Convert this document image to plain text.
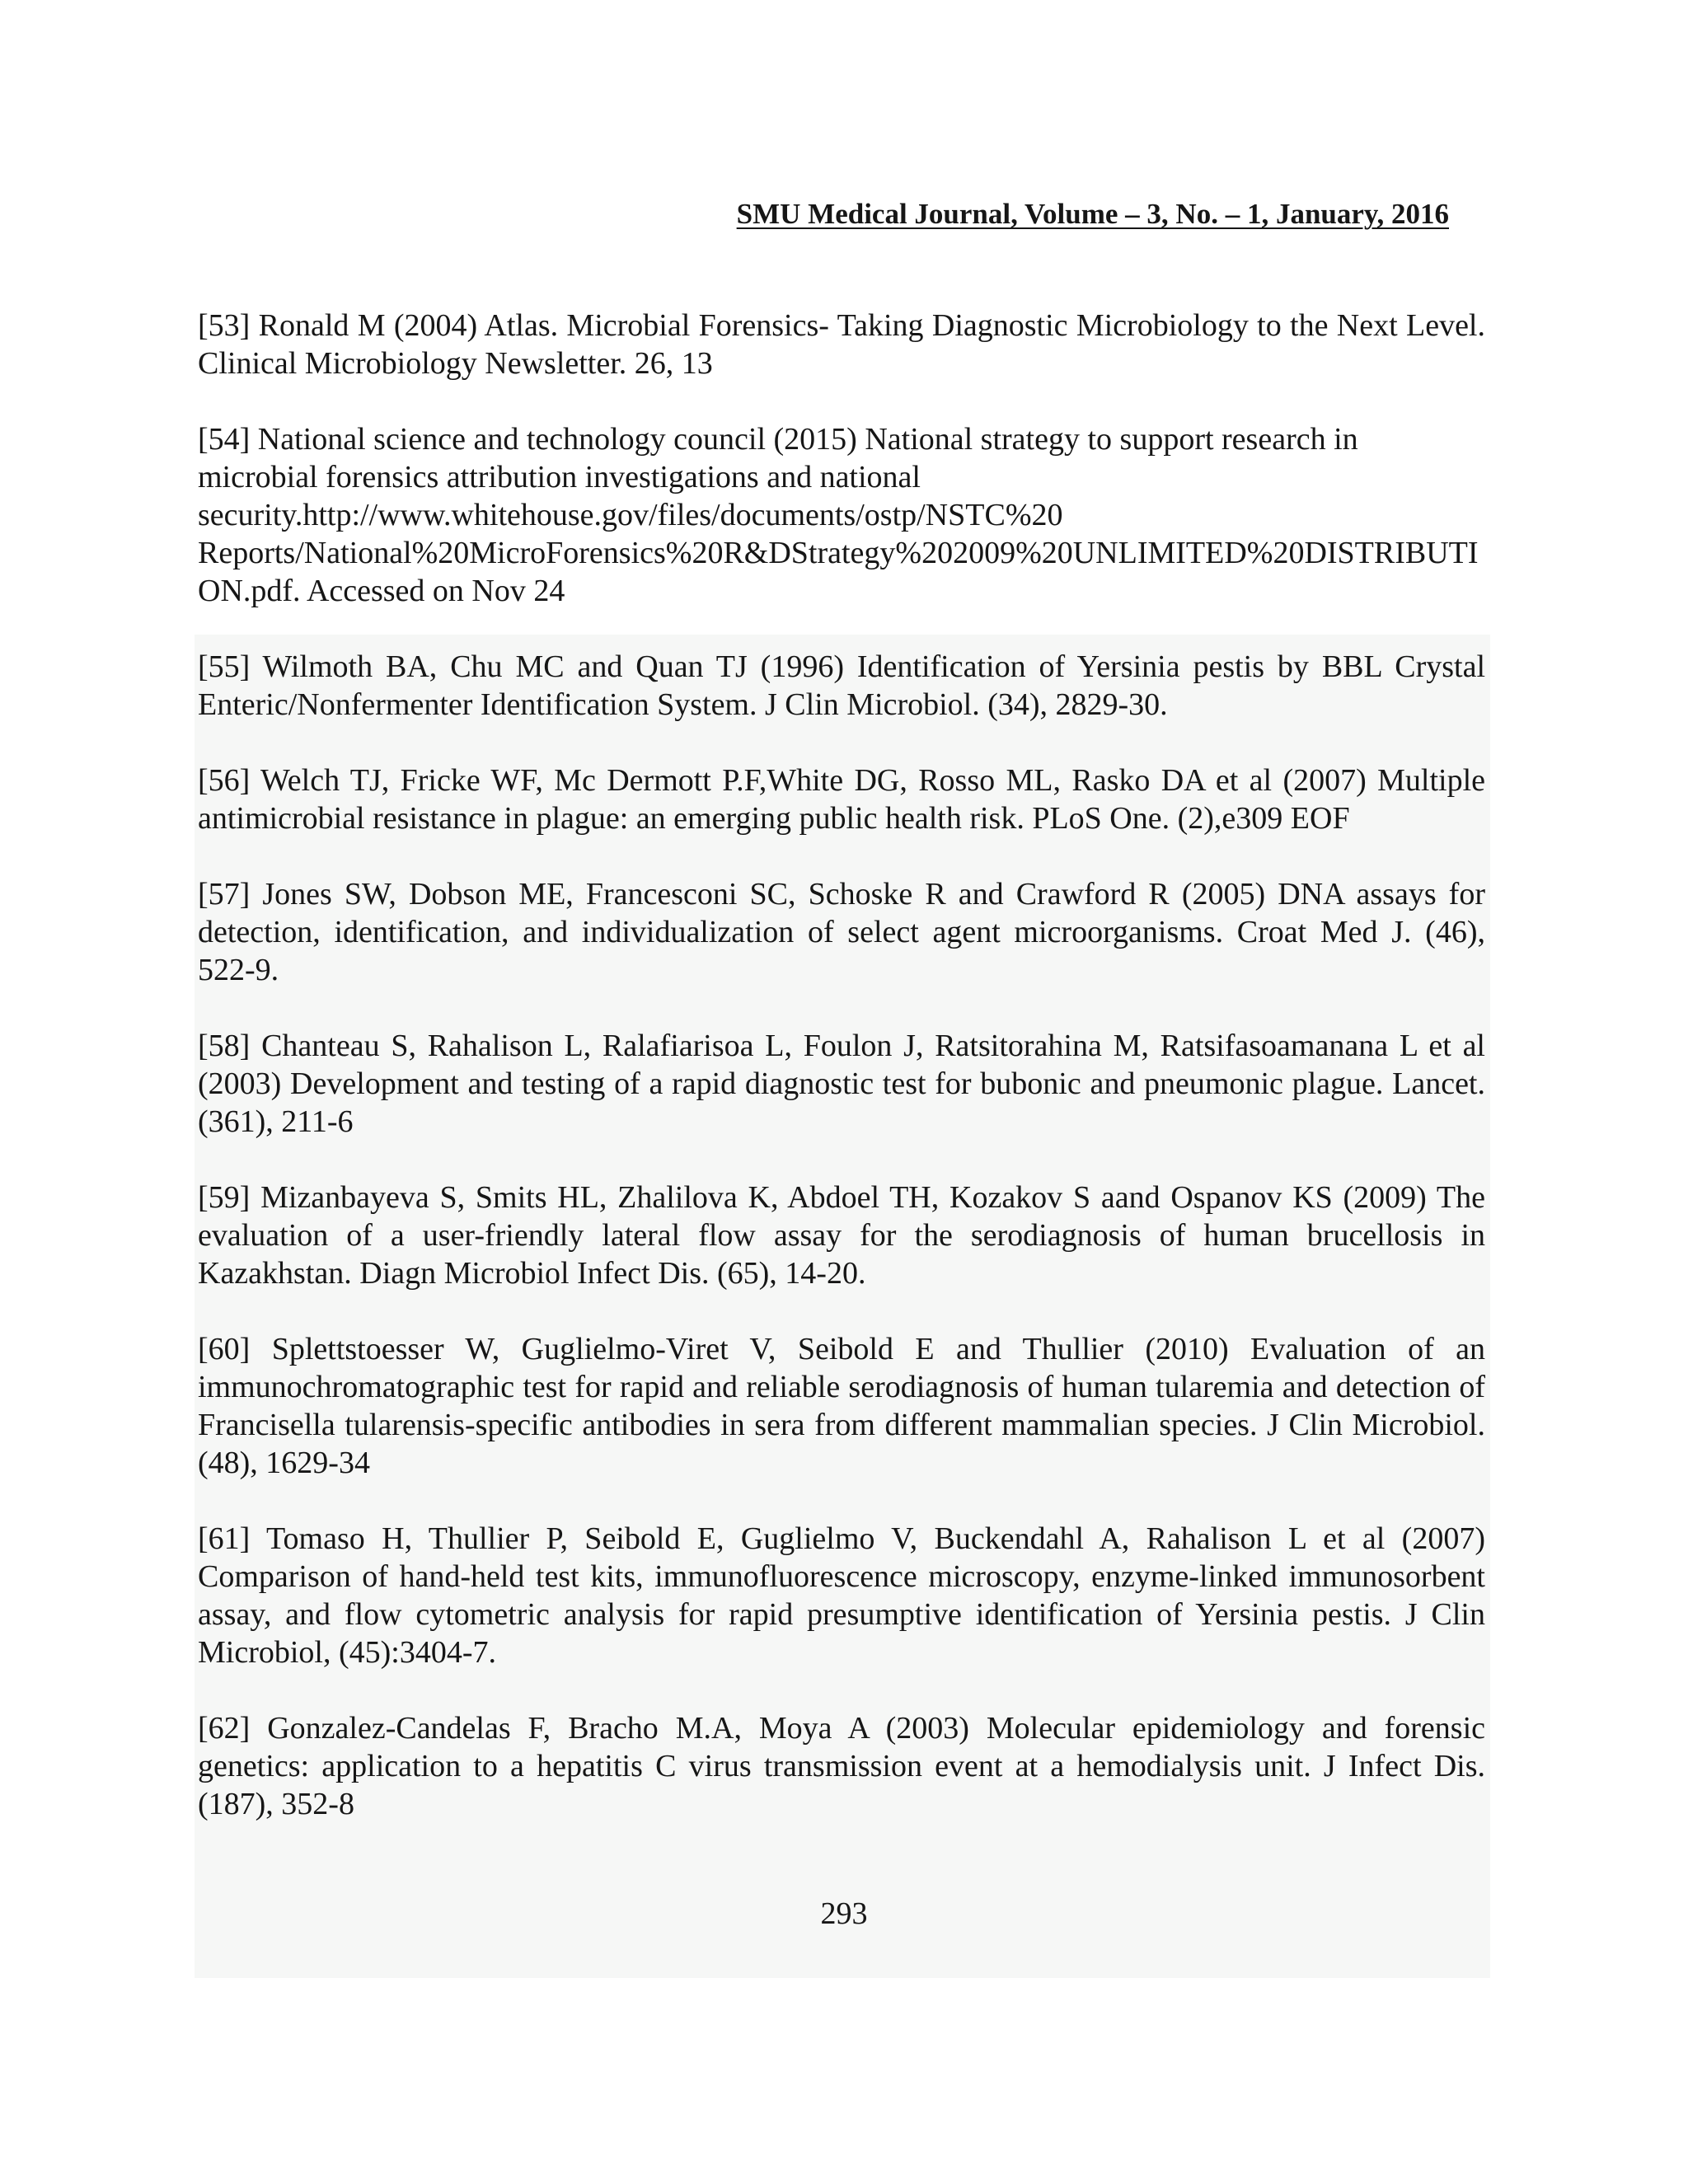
SMU Medical Journal, Volume – 3, No. – 1, January, 2016

[53] Ronald M (2004) Atlas. Microbial Forensics- Taking Diagnostic Microbiology to the Next Level. Clinical Microbiology Newsletter. 26, 13

[54] National science and technology council (2015) National strategy to support research in microbial forensics attribution investigations and national security.http://www.whitehouse.gov/files/documents/ostp/NSTC%20 Reports/National%20MicroForensics%20R&DStrategy%202009%20UNLIMITED%20DISTRIBUTION.pdf. Accessed on Nov 24

[55] Wilmoth BA, Chu MC and Quan TJ (1996) Identification of Yersinia pestis by BBL Crystal Enteric/Nonfermenter Identification System. J Clin Microbiol. (34), 2829-30.

[56] Welch TJ, Fricke WF, Mc Dermott P.F,White DG, Rosso ML, Rasko DA et al (2007) Multiple antimicrobial resistance in plague: an emerging public health risk. PLoS One. (2),e309 EOF

[57] Jones SW, Dobson ME, Francesconi SC, Schoske R and Crawford R (2005) DNA assays for detection, identification, and individualization of select agent microorganisms. Croat Med J. (46), 522-9.

[58] Chanteau S, Rahalison L, Ralafiarisoa L, Foulon J, Ratsitorahina M, Ratsifasoamanana L et al (2003) Development and testing of a rapid diagnostic test for bubonic and pneumonic plague. Lancet. (361), 211-6

[59] Mizanbayeva S, Smits HL, Zhalilova K, Abdoel TH, Kozakov S aand Ospanov KS (2009) The evaluation of a user-friendly lateral flow assay for the serodiagnosis of human brucellosis in Kazakhstan. Diagn Microbiol Infect Dis. (65), 14-20.

[60] Splettstoesser W, Guglielmo-Viret V, Seibold E and Thullier (2010) Evaluation of an immunochromatographic test for rapid and reliable serodiagnosis of human tularemia and detection of Francisella tularensis-specific antibodies in sera from different mammalian species. J Clin Microbiol. (48), 1629-34

[61] Tomaso H, Thullier P, Seibold E, Guglielmo V, Buckendahl A, Rahalison L et al (2007) Comparison of hand-held test kits, immunofluorescence microscopy, enzyme-linked immunosorbent assay, and flow cytometric analysis for rapid presumptive identification of Yersinia pestis. J Clin Microbiol, (45):3404-7.

[62] Gonzalez-Candelas F, Bracho M.A, Moya A (2003) Molecular epidemiology and forensic genetics: application to a hepatitis C virus transmission event at a hemodialysis unit. J Infect Dis. (187), 352-8

293
